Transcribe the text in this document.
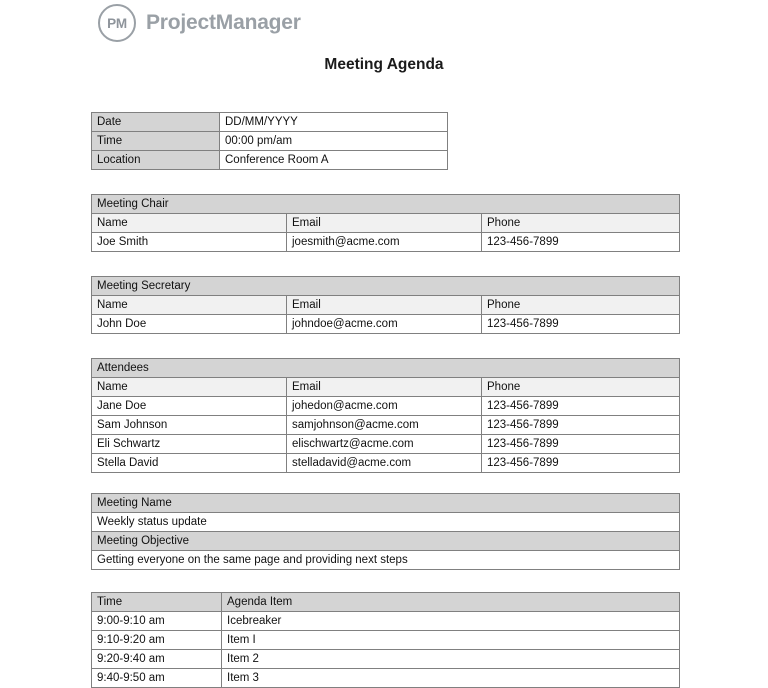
PM ProjectManager
Meeting Agenda
Date	DD/MM/YYYY
Time	00:00 pm/am
Location	Conference Room A
Meeting Chair		
Name	Email	Phone
Joe Smith	joesmith@acme.com	123-456-7899
Meeting Secretary		
Name	Email	Phone
John Doe	johndoe@acme.com	123-456-7899
Attendees		
Name	Email	Phone
Jane Doe	johedon@acme.com	123-456-7899
Sam Johnson	samjohnson@acme.com	123-456-7899
Eli Schwartz	elischwartz@acme.com	123-456-7899
Stella David	stelladavid@acme.com	123-456-7899
Meeting Name
Weekly status update
Meeting Objective
Getting everyone on the same page and providing next steps
Time	Agenda Item
9:00-9:10 am	Icebreaker
9:10-9:20 am	Item I
9:20-9:40 am	Item 2
9:40-9:50 am	Item 3
